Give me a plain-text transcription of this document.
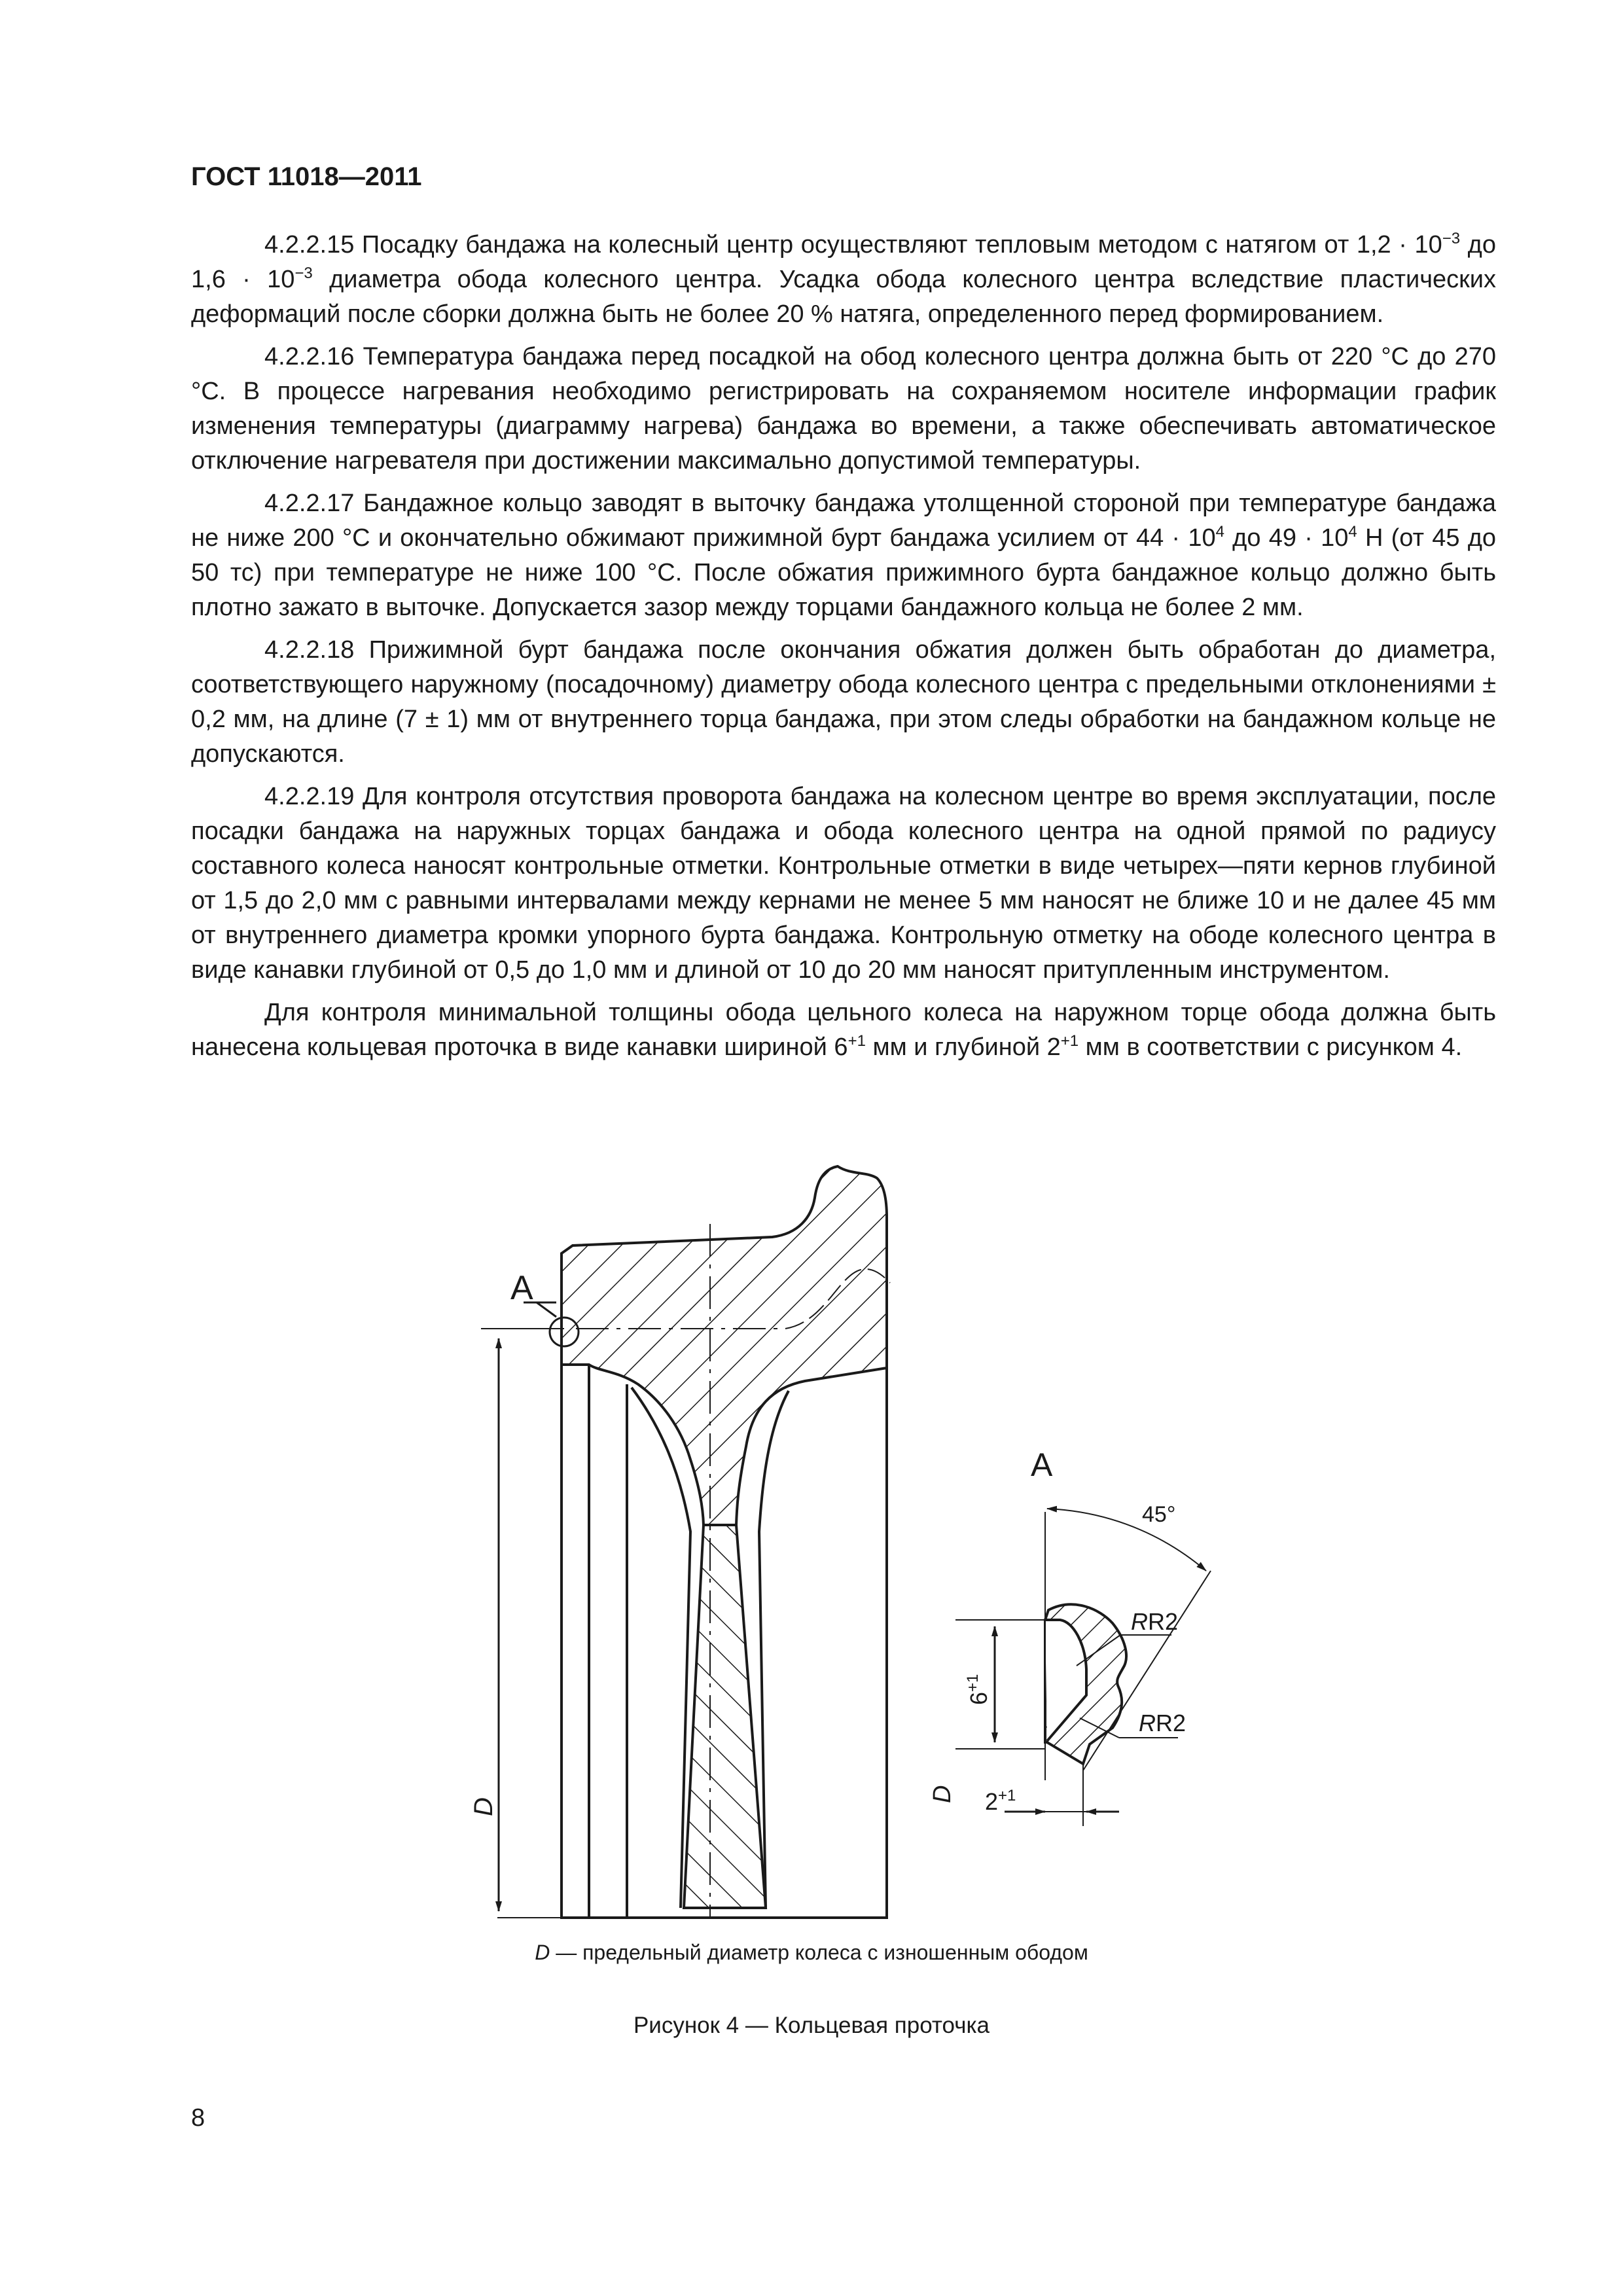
ГОСТ 11018—2011

4.2.2.15 Посадку бандажа на колесный центр осуществляют тепловым методом с натягом от $1,2 \cdot 10^{-3}$ до $1,6 \cdot 10^{-3}$ диаметра обода колесного центра. Усадка обода колесного центра вследствие пластических деформаций после сборки должна быть не более 20 % натяга, определенного перед формированием.

4.2.2.16 Температура бандажа перед посадкой на обод колесного центра должна быть от 220 °С до 270 °С. В процессе нагревания необходимо регистрировать на сохраняемом носителе информации график изменения температуры (диаграмму нагрева) бандажа во времени, а также обеспечивать автоматическое отключение нагревателя при достижении максимально допустимой температуры.

4.2.2.17 Бандажное кольцо заводят в выточку бандажа утолщенной стороной при температуре бандажа не ниже 200 °С и окончательно обжимают прижимной бурт бандажа усилием от $44 \cdot 10^4$ до $49 \cdot 10^4$ Н (от 45 до 50 тс) при температуре не ниже 100 °С. После обжатия прижимного бурта бандажное кольцо должно быть плотно зажато в выточке. Допускается зазор между торцами бандажного кольца не более 2 мм.

4.2.2.18 Прижимной бурт бандажа после окончания обжатия должен быть обработан до диаметра, соответствующего наружному (посадочному) диаметру обода колесного центра с предельными отклонениями ± 0,2 мм, на длине (7 ± 1) мм от внутреннего торца бандажа, при этом следы обработки на бандажном кольце не допускаются.

4.2.2.19 Для контроля отсутствия проворота бандажа на колесном центре во время эксплуатации, после посадки бандажа на наружных торцах бандажа и обода колесного центра на одной прямой по радиусу составного колеса наносят контрольные отметки. Контрольные отметки в виде четырех—пяти кернов глубиной от 1,5 до 2,0 мм с равными интервалами между кернами не менее 5 мм наносят не ближе 10 и не далее 45 мм от внутреннего диаметра кромки упорного бурта бандажа. Контрольную отметку на ободе колесного центра в виде канавки глубиной от 0,5 до 1,0 мм и длиной от 10 до 20 мм наносят притупленным инструментом.

Для контроля минимальной толщины обода цельного колеса на наружном торце обода должна быть нанесена кольцевая проточка в виде канавки шириной $6^{+1}$ мм и глубиной $2^{+1}$ мм в соответствии с рисунком 4.

A
D
A
45°
RR2
RR2
$6^{+1}$
$2^{+1}$
D

D — предельный диаметр колеса с изношенным ободом

Рисунок 4 — Кольцевая проточка

8
